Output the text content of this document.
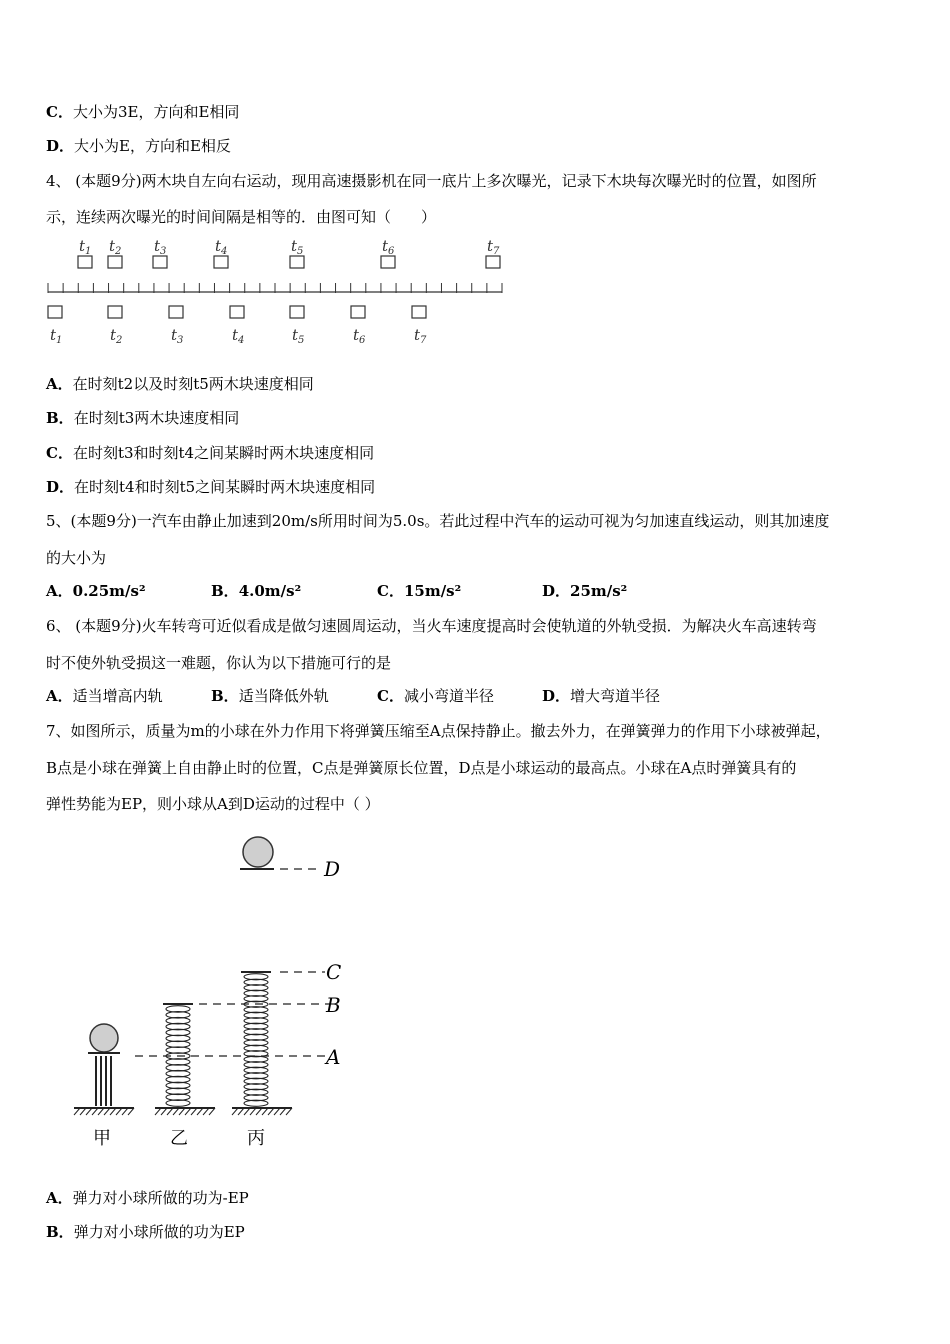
C．大小为3E，方向和E相同
D．大小为E，方向和E相反
4、 (本题9分)两木块自左向右运动，现用高速摄影机在同一底片上多次曝光，记录下木块每次曝光时的位置，如图所
示，连续两次曝光的时间间隔是相等的．由图可知（　　）
$t_1$ $t_2$ $t_3$	$t_4$	$t_5$	$t_6$	$t_7$
$t_1$	$t_2$	$t_3$	$t_4$	$t_5$	$t_6$	$t_7$
A．在时刻t2以及时刻t5两木块速度相同
B．在时刻t3两木块速度相同
C．在时刻t3和时刻t4之间某瞬时两木块速度相同
D．在时刻t4和时刻t5之间某瞬时两木块速度相同
5、(本题9分)一汽车由静止加速到20m/s所用时间为5.0s。若此过程中汽车的运动可视为匀加速直线运动，则其加速度
的大小为
A．0.25m/s²	B．4.0m/s²	C．15m/s²	D．25m/s²
6、 (本题9分)火车转弯可近似看成是做匀速圆周运动，当火车速度提高时会使轨道的外轨受损．为解决火车高速转弯
时不使外轨受损这一难题，你认为以下措施可行的是
A．适当增高内轨	B．适当降低外轨	C．减小弯道半径	D．增大弯道半径
7、如图所示，质量为m的小球在外力作用下将弹簧压缩至A点保持静止。撤去外力，在弹簧弹力的作用下小球被弹起，
B点是小球在弹簧上自由静止时的位置，C点是弹簧原长位置，D点是小球运动的最高点。小球在A点时弹簧具有的
弹性势能为EP，则小球从A到D运动的过程中（ ）
D
C
B
A
甲	乙	丙
A．弹力对小球所做的功为-EP
B．弹力对小球所做的功为EP
